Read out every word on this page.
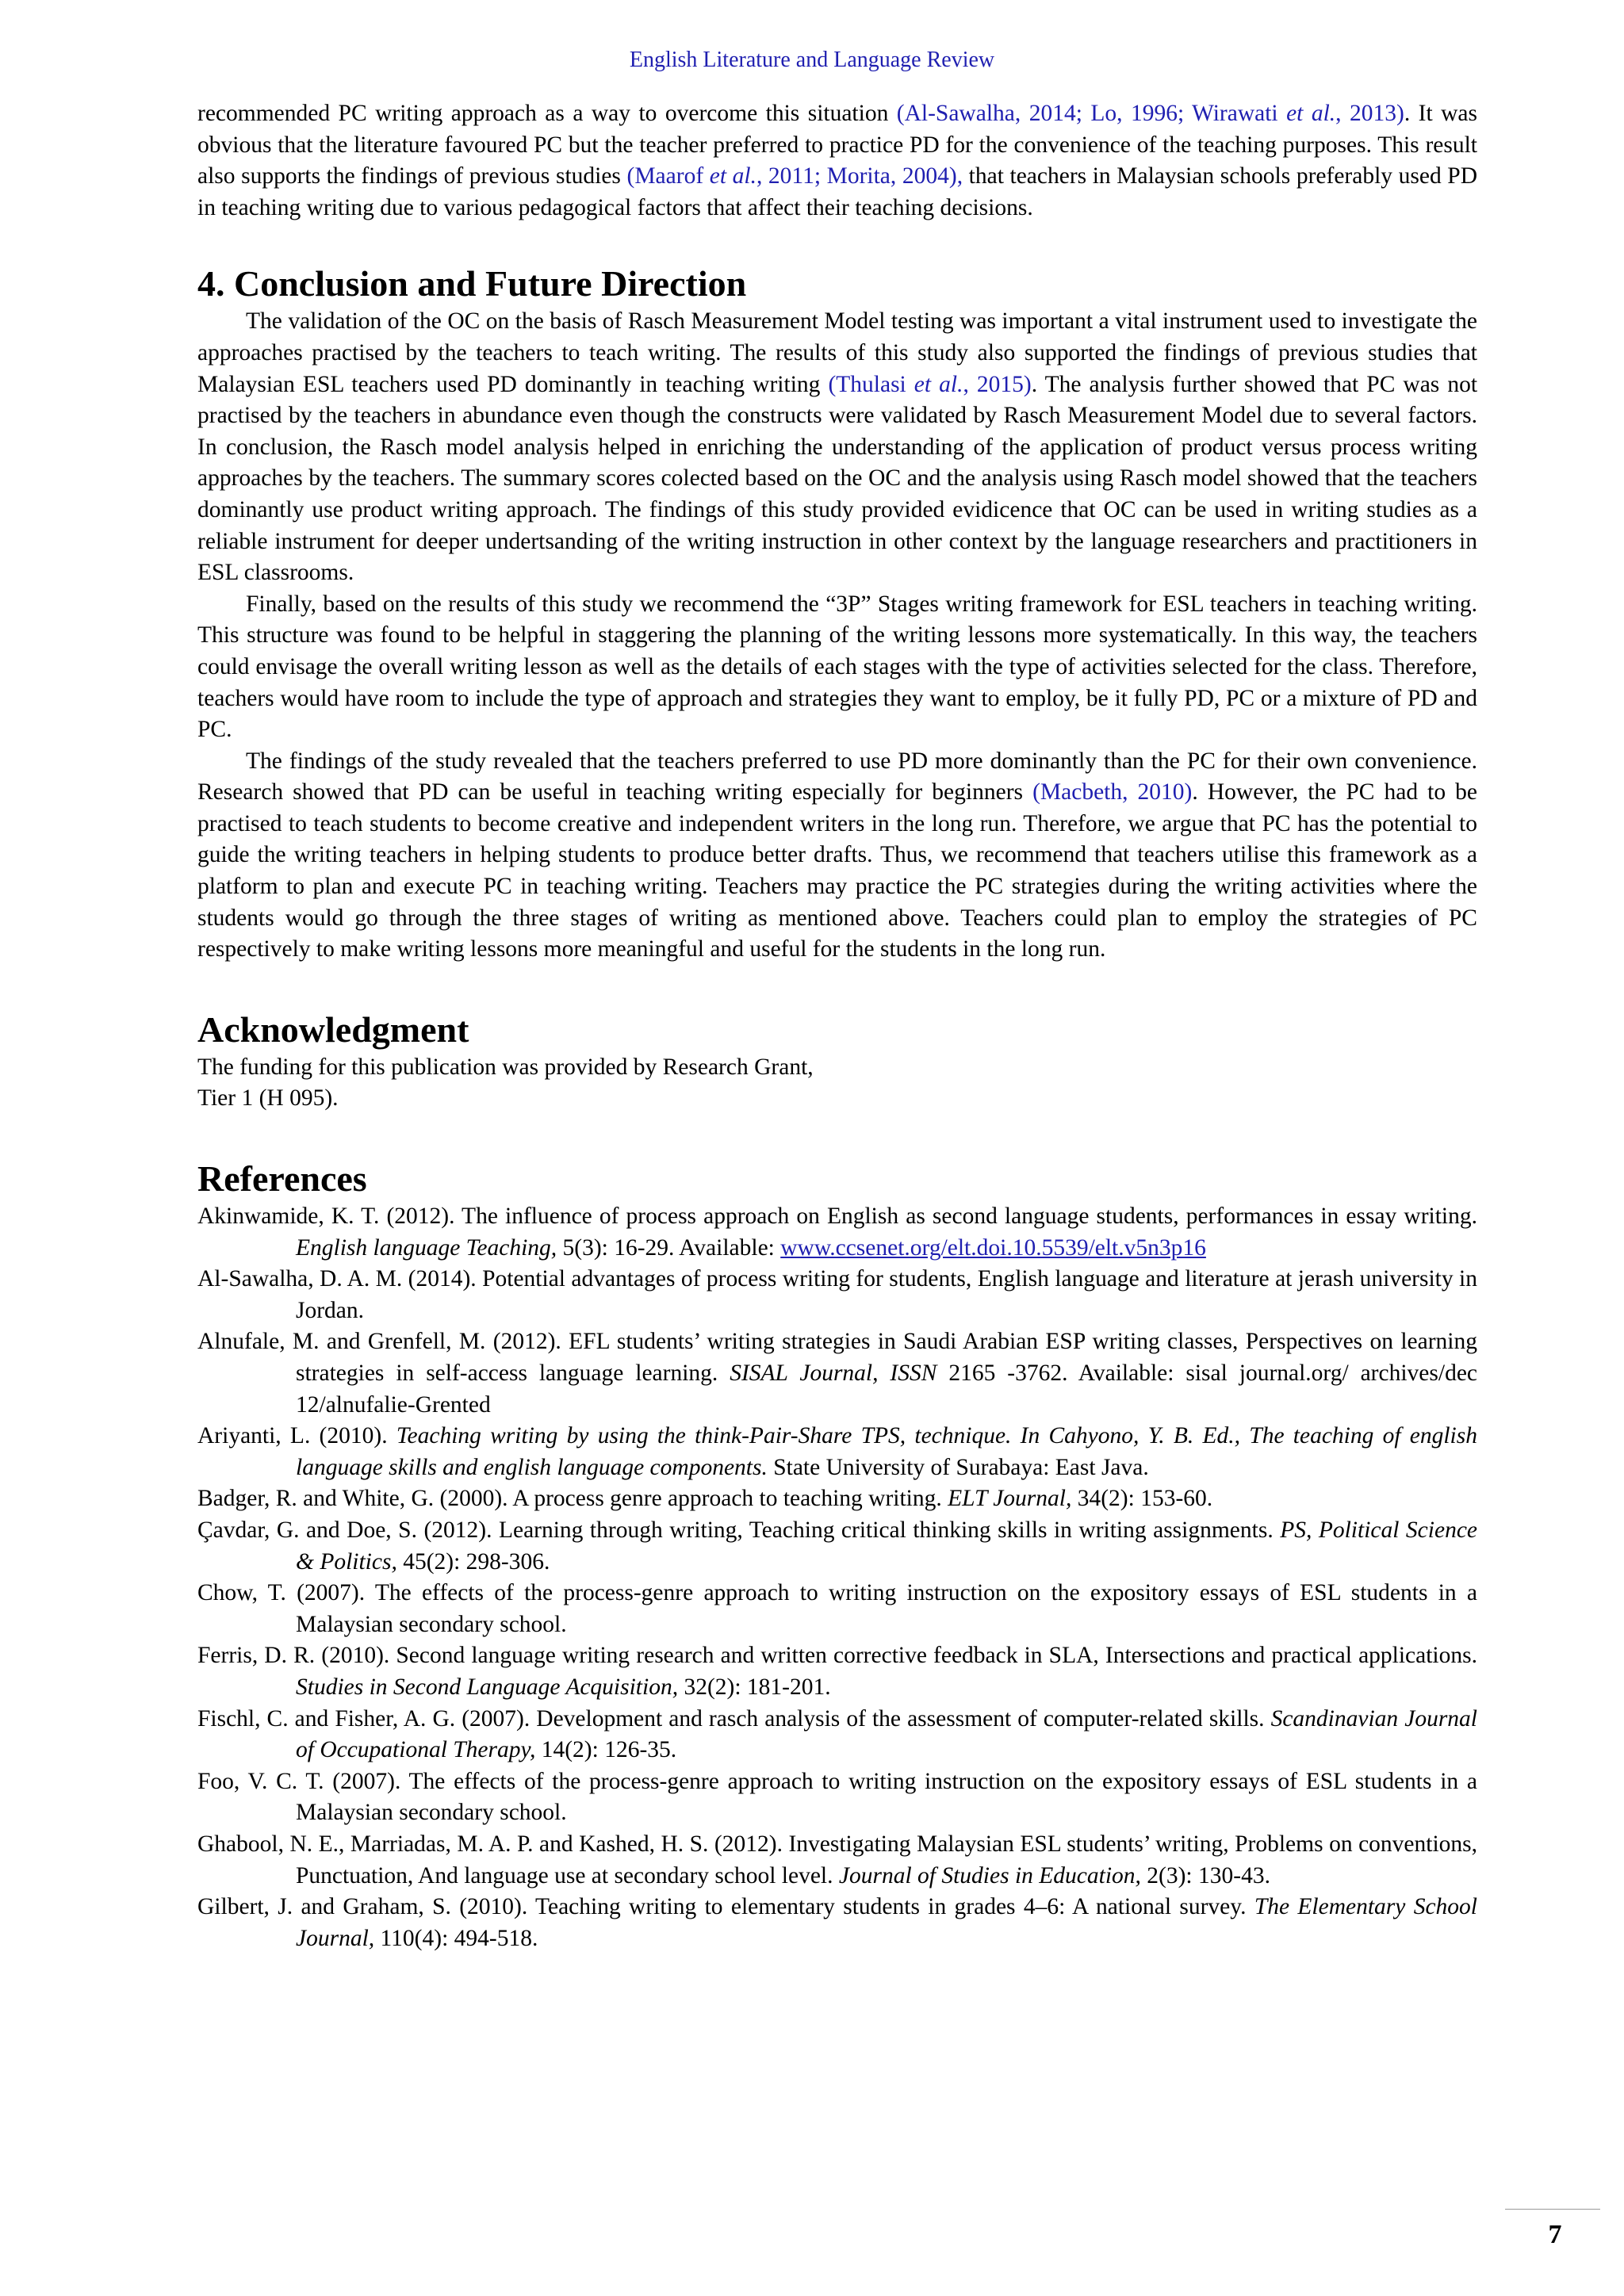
English Literature and Language Review

recommended PC writing approach as a way to overcome this situation (Al-Sawalha, 2014; Lo, 1996; Wirawati et al., 2013). It was obvious that the literature favoured PC but the teacher preferred to practice PD for the convenience of the teaching purposes. This result also supports the findings of previous studies (Maarof et al., 2011; Morita, 2004), that teachers in Malaysian schools preferably used PD in teaching writing due to various pedagogical factors that affect their teaching decisions.

4. Conclusion and Future Direction

The validation of the OC on the basis of Rasch Measurement Model testing was important a vital instrument used to investigate the approaches practised by the teachers to teach writing. The results of this study also supported the findings of previous studies that Malaysian ESL teachers used PD dominantly in teaching writing (Thulasi et al., 2015). The analysis further showed that PC was not practised by the teachers in abundance even though the constructs were validated by Rasch Measurement Model due to several factors. In conclusion, the Rasch model analysis helped in enriching the understanding of the application of product versus process writing approaches by the teachers. The summary scores colected based on the OC and the analysis using Rasch model showed that the teachers dominantly use product writing approach. The findings of this study provided evidicence that OC can be used in writing studies as a reliable instrument for deeper undertsanding of the writing instruction in other context by the language researchers and practitioners in ESL classrooms.

Finally, based on the results of this study we recommend the “3P” Stages writing framework for ESL teachers in teaching writing. This structure was found to be helpful in staggering the planning of the writing lessons more systematically. In this way, the teachers could envisage the overall writing lesson as well as the details of each stages with the type of activities selected for the class. Therefore, teachers would have room to include the type of approach and strategies they want to employ, be it fully PD, PC or a mixture of PD and PC.

The findings of the study revealed that the teachers preferred to use PD more dominantly than the PC for their own convenience. Research showed that PD can be useful in teaching writing especially for beginners (Macbeth, 2010). However, the PC had to be practised to teach students to become creative and independent writers in the long run. Therefore, we argue that PC has the potential to guide the writing teachers in helping students to produce better drafts. Thus, we recommend that teachers utilise this framework as a platform to plan and execute PC in teaching writing. Teachers may practice the PC strategies during the writing activities where the students would go through the three stages of writing as mentioned above. Teachers could plan to employ the strategies of PC respectively to make writing lessons more meaningful and useful for the students in the long run.

Acknowledgment

The funding for this publication was provided by Research Grant,

Tier 1 (H 095).

References

Akinwamide, K. T. (2012). The influence of process approach on English as second language students, performances in essay writing. English language Teaching, 5(3): 16-29. Available: www.ccsenet.org/elt.doi.10.5539/elt.v5n3p16

Al-Sawalha, D. A. M. (2014). Potential advantages of process writing for students, English language and literature at jerash university in Jordan.

Alnufale, M. and Grenfell, M. (2012). EFL students’ writing strategies in Saudi Arabian ESP writing classes, Perspectives on learning strategies in self-access language learning. SISAL Journal, ISSN 2165 -3762. Available: sisal journal.org/ archives/dec 12/alnufalie-Grented

Ariyanti, L. (2010). Teaching writing by using the think-Pair-Share TPS, technique. In Cahyono, Y. B. Ed., The teaching of english language skills and english language components. State University of Surabaya: East Java.

Badger, R. and White, G. (2000). A process genre approach to teaching writing. ELT Journal, 34(2): 153-60.

Çavdar, G. and Doe, S. (2012). Learning through writing, Teaching critical thinking skills in writing assignments. PS, Political Science & Politics, 45(2): 298-306.

Chow, T. (2007). The effects of the process-genre approach to writing instruction on the expository essays of ESL students in a Malaysian secondary school.

Ferris, D. R. (2010). Second language writing research and written corrective feedback in SLA, Intersections and practical applications. Studies in Second Language Acquisition, 32(2): 181-201.

Fischl, C. and Fisher, A. G. (2007). Development and rasch analysis of the assessment of computer-related skills. Scandinavian Journal of Occupational Therapy, 14(2): 126-35.

Foo, V. C. T. (2007). The effects of the process-genre approach to writing instruction on the expository essays of ESL students in a Malaysian secondary school.

Ghabool, N. E., Marriadas, M. A. P. and Kashed, H. S. (2012). Investigating Malaysian ESL students’ writing, Problems on conventions, Punctuation, And language use at secondary school level. Journal of Studies in Education, 2(3): 130-43.

Gilbert, J. and Graham, S. (2010). Teaching writing to elementary students in grades 4–6: A national survey. The Elementary School Journal, 110(4): 494-518.

7
